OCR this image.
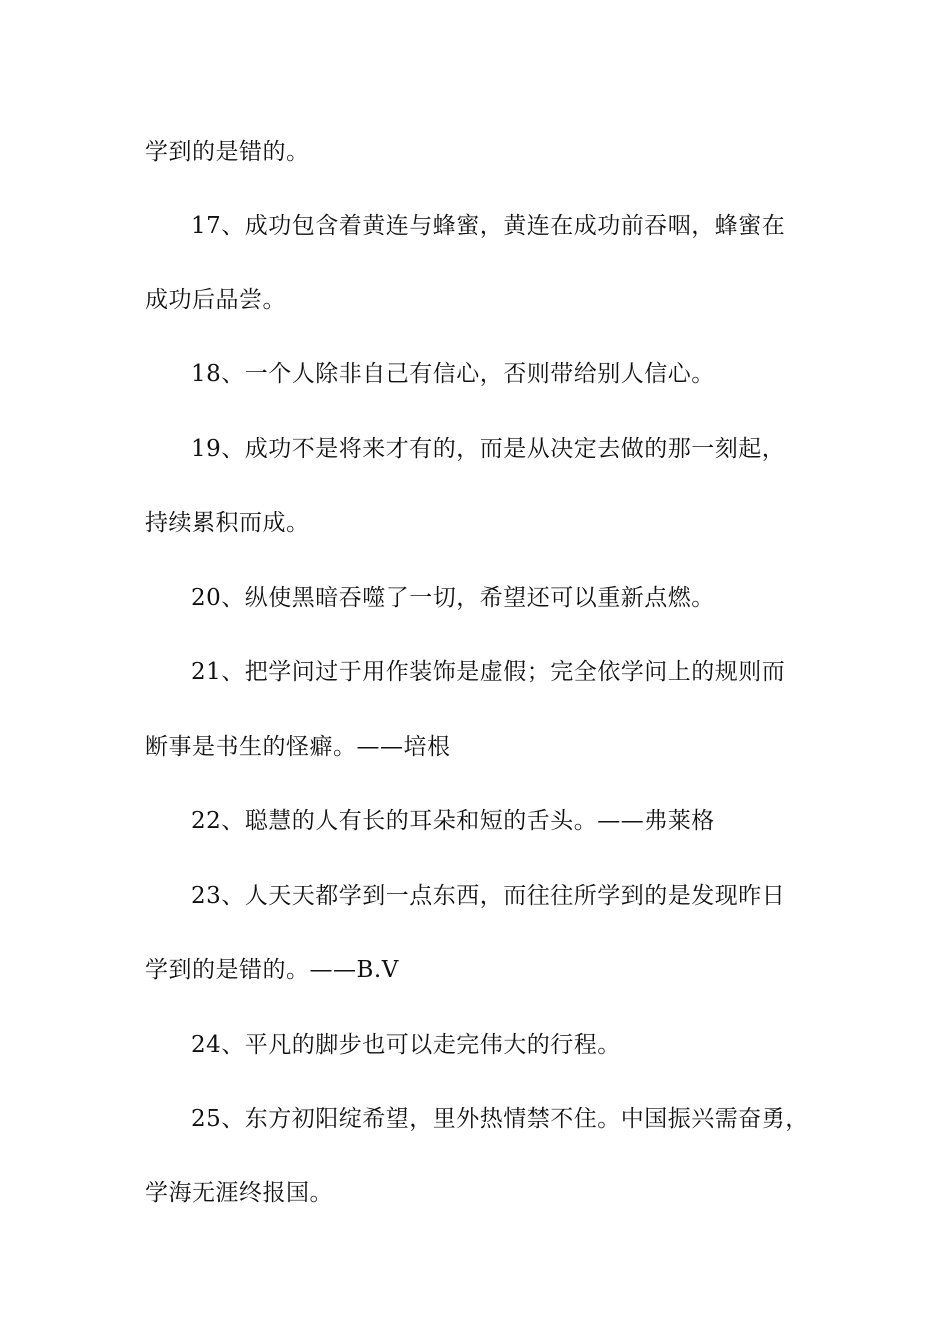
学到的是错的。
17、成功包含着黄连与蜂蜜，黄连在成功前吞咽，蜂蜜在
成功后品尝。
18、一个人除非自己有信心，否则带给别人信心。
19、成功不是将来才有的，而是从决定去做的那一刻起，
持续累积而成。
20、纵使黑暗吞噬了一切，希望还可以重新点燃。
21、把学问过于用作装饰是虚假；完全依学问上的规则而
断事是书生的怪癖。——培根
22、聪慧的人有长的耳朵和短的舌头。——弗莱格
23、人天天都学到一点东西，而往往所学到的是发现昨日
学到的是错的。——B.V
24、平凡的脚步也可以走完伟大的行程。
25、东方初阳绽希望，里外热情禁不住。中国振兴需奋勇，
学海无涯终报国。
